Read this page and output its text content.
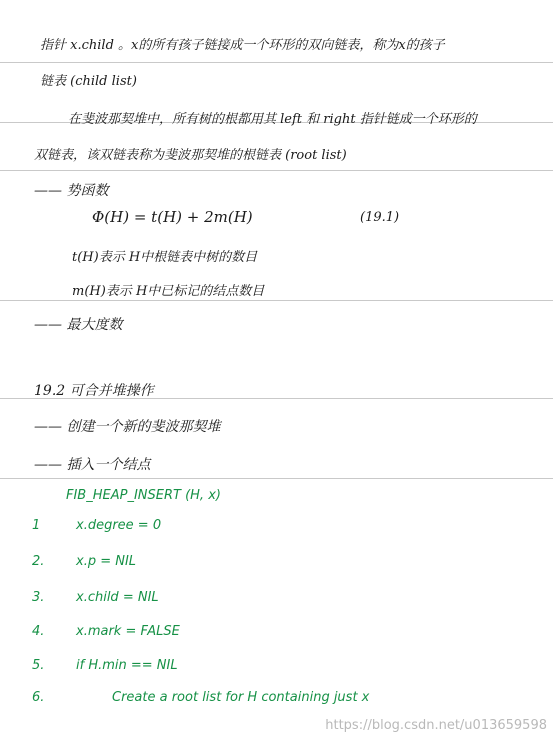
指针 x.child 。x的所有孩子链接成一个环形的双向链表，称为x的孩子
链表 (child list)
在斐波那契堆中，所有树的根都用其 left 和 right 指针链成一个环形的
双链表，该双链表称为斐波那契堆的根链表 (root list)
—— 势函数
Φ(H) = t(H) + 2m(H)	(19.1)
t(H)表示 H中根链表中树的数目
m(H)表示 H中已标记的结点数目
—— 最大度数
19.2 可合并堆操作
—— 创建一个新的斐波那契堆
—— 插入一个结点
FIB_HEAP_INSERT (H, x)
1	x.degree = 0
2. x.p = NIL
3. x.child = NIL
4. x.mark = FALSE
5. if H.min == NIL
6.	Create a root list for H containing just x
https://blog.csdn.net/u013659598
